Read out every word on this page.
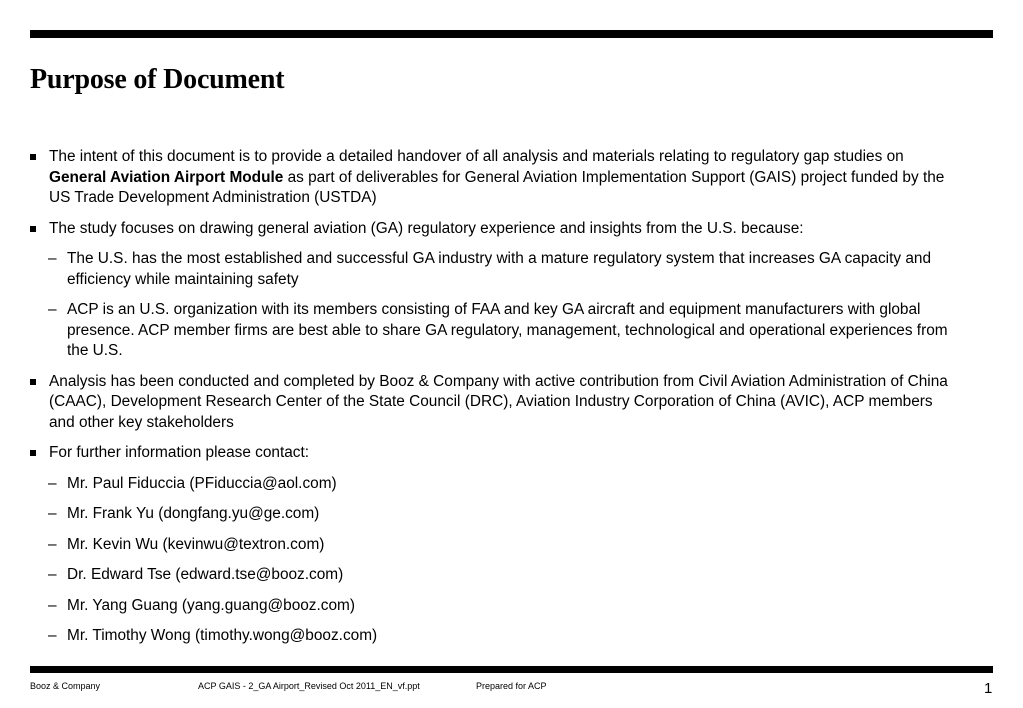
Purpose of Document
The intent of this document is to provide a detailed handover of all analysis and materials relating to regulatory gap studies on General Aviation Airport Module as part of deliverables for General Aviation Implementation Support (GAIS) project funded by the US Trade Development Administration (USTDA)
The study focuses on drawing general aviation (GA) regulatory experience and insights from the U.S. because:
– The U.S. has the most established and successful GA industry with a mature regulatory system that increases GA capacity and efficiency while maintaining safety
– ACP is an U.S. organization with its members consisting of FAA and key GA aircraft and equipment manufacturers with global presence. ACP member firms are best able to share GA regulatory, management, technological and operational experiences from the U.S.
Analysis has been conducted and completed by Booz & Company with active contribution from Civil Aviation Administration of China (CAAC), Development Research Center of the State Council (DRC), Aviation Industry Corporation of China (AVIC), ACP members and other key stakeholders
For further information please contact:
– Mr. Paul Fiduccia (PFiduccia@aol.com)
– Mr. Frank Yu (dongfang.yu@ge.com)
– Mr. Kevin Wu (kevinwu@textron.com)
– Dr. Edward Tse (edward.tse@booz.com)
– Mr. Yang Guang (yang.guang@booz.com)
– Mr. Timothy Wong (timothy.wong@booz.com)
Booz & Company	ACP GAIS - 2_GA Airport_Revised Oct 2011_EN_vf.ppt	Prepared for ACP	1
